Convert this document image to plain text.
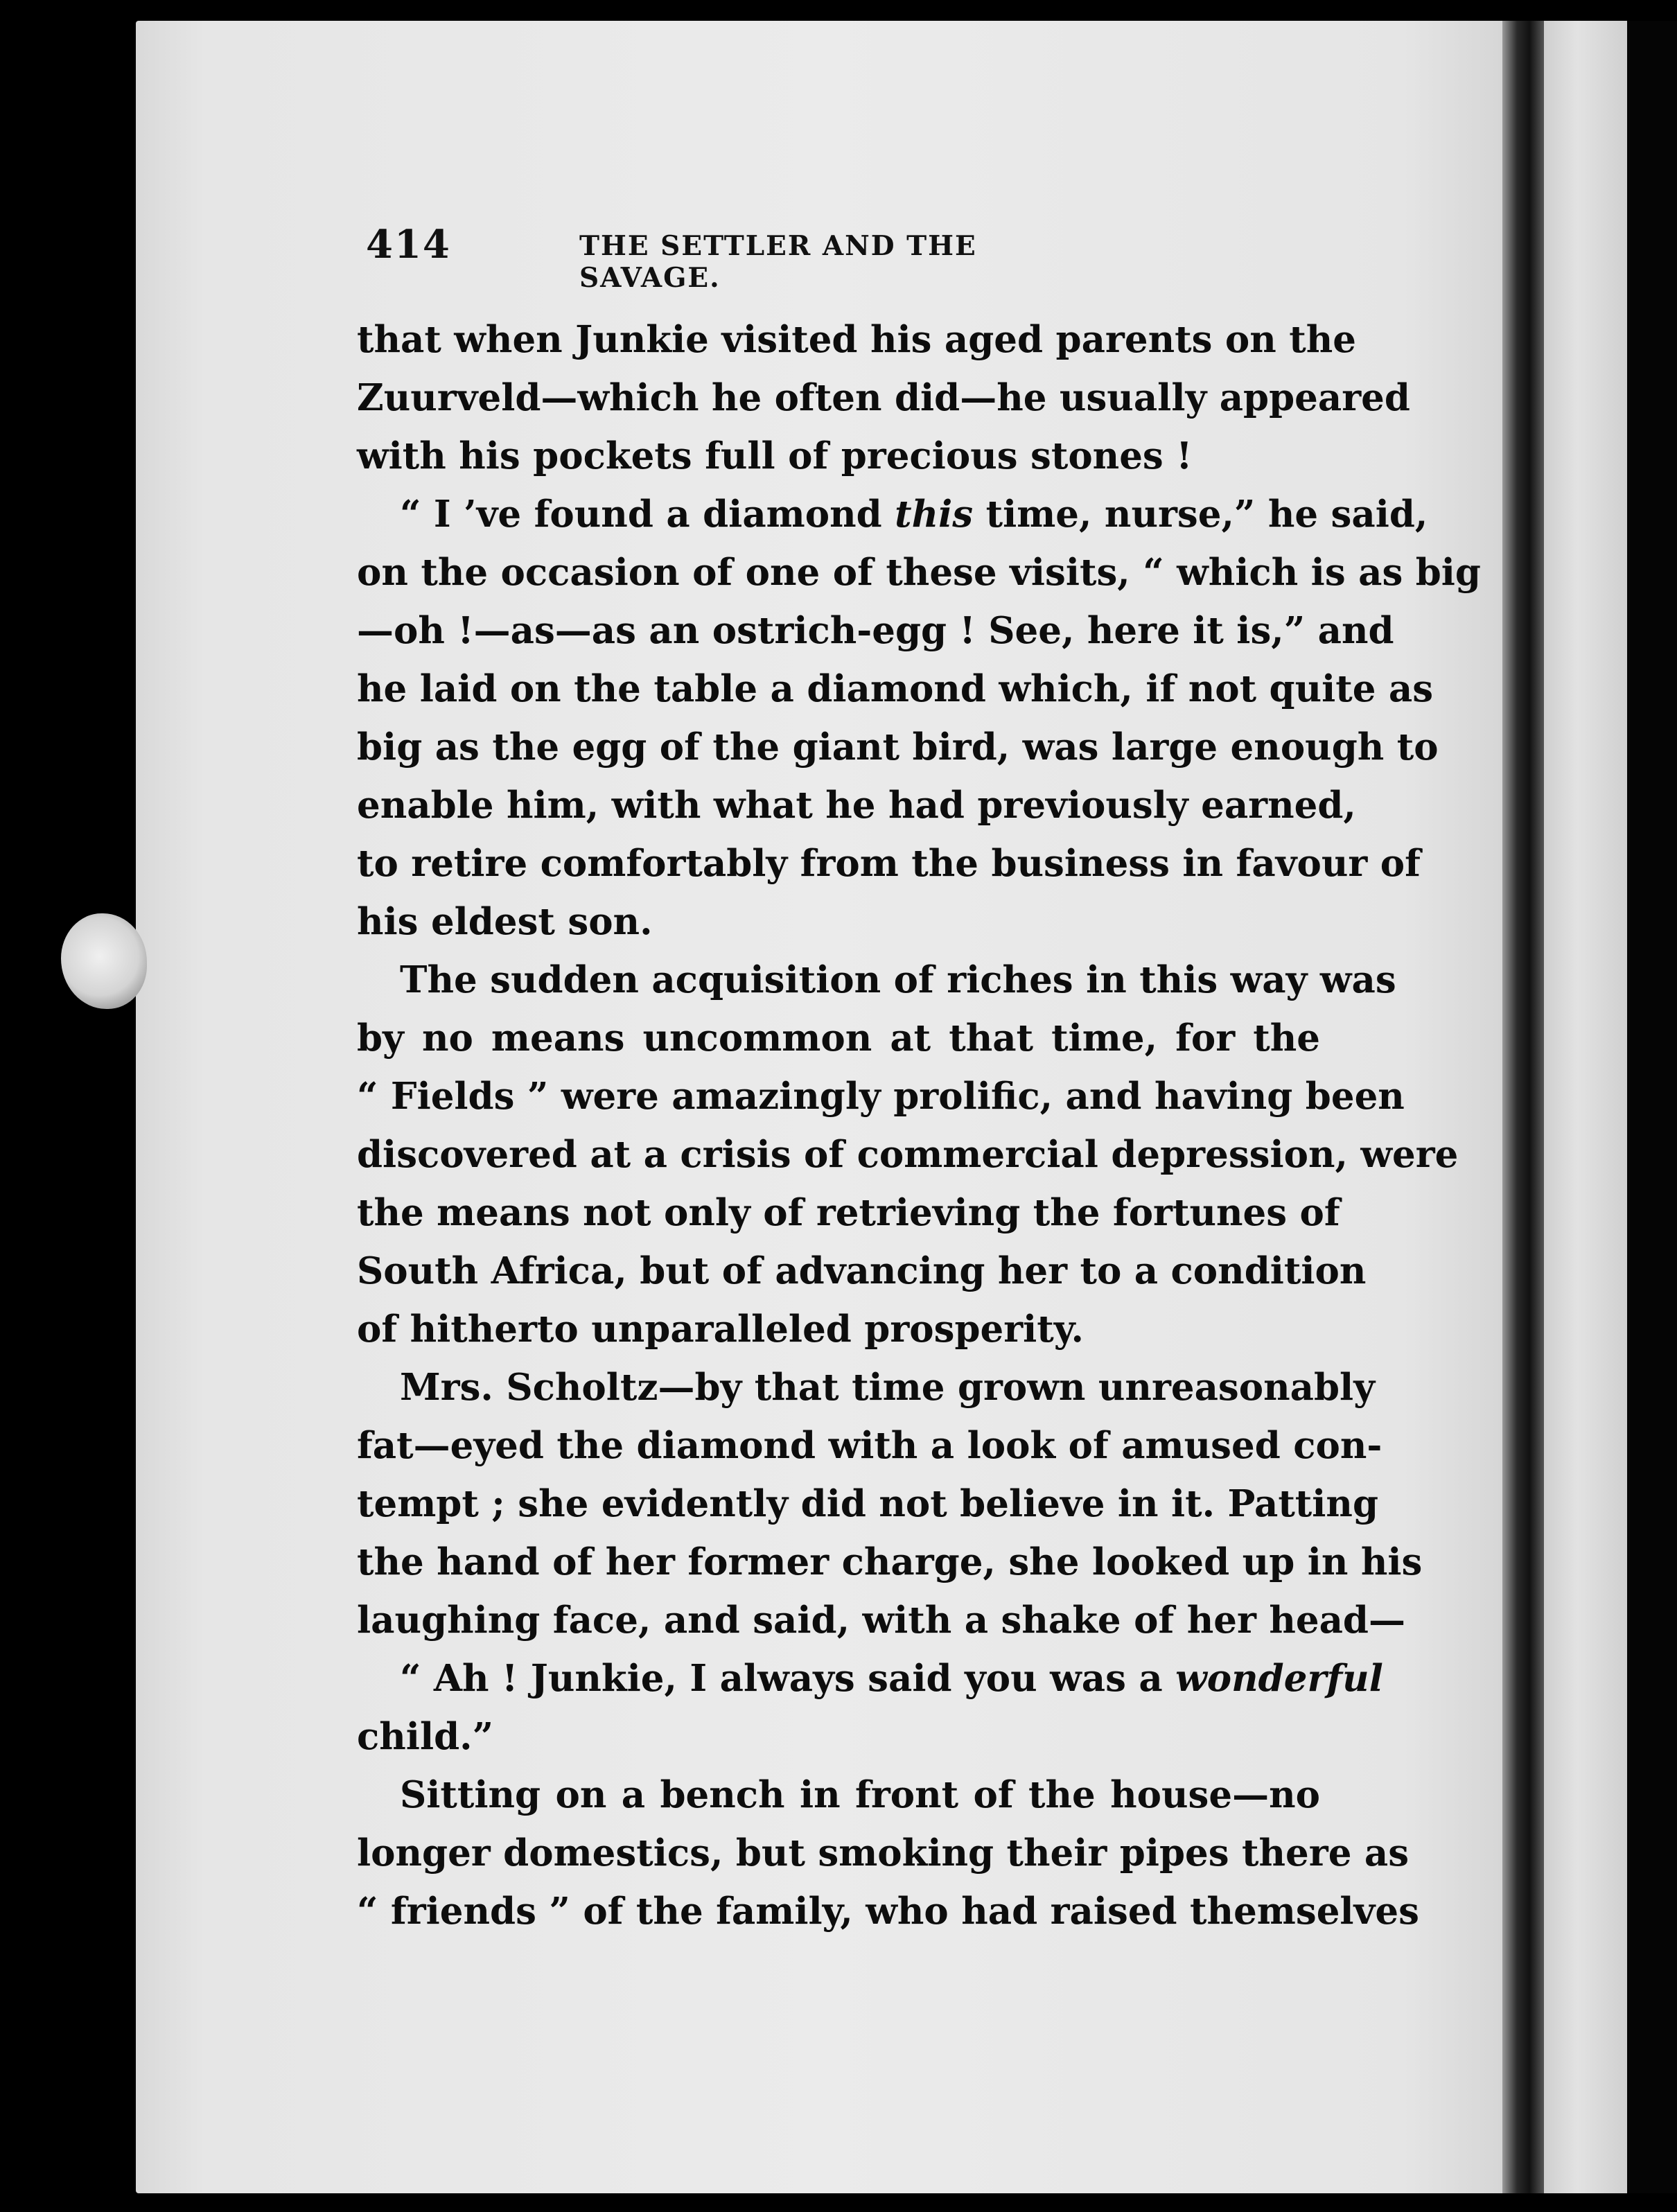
414	THE SETTLER AND THE SAVAGE.
that when Junkie visited his aged parents on the
Zuurveld—which he often did—he usually appeared
with his pockets full of precious stones !
“ I ’ve found a diamond this time, nurse,” he said,
on the occasion of one of these visits, “ which is as big
—oh !—as—as an ostrich-egg ! See, here it is,” and
he laid on the table a diamond which, if not quite as
big as the egg of the giant bird, was large enough to
enable him, with what he had previously earned,
to retire comfortably from the business in favour of
his eldest son.
The sudden acquisition of riches in this way was
by no means uncommon at that time, for the
“ Fields ” were amazingly prolific, and having been
discovered at a crisis of commercial depression, were
the means not only of retrieving the fortunes of
South Africa, but of advancing her to a condition
of hitherto unparalleled prosperity.
Mrs. Scholtz—by that time grown unreasonably
fat—eyed the diamond with a look of amused con-
tempt ; she evidently did not believe in it. Patting
the hand of her former charge, she looked up in his
laughing face, and said, with a shake of her head—
“ Ah ! Junkie, I always said you was a wonderful
child.”
Sitting on a bench in front of the house—no
longer domestics, but smoking their pipes there as
“ friends ” of the family, who had raised themselves
